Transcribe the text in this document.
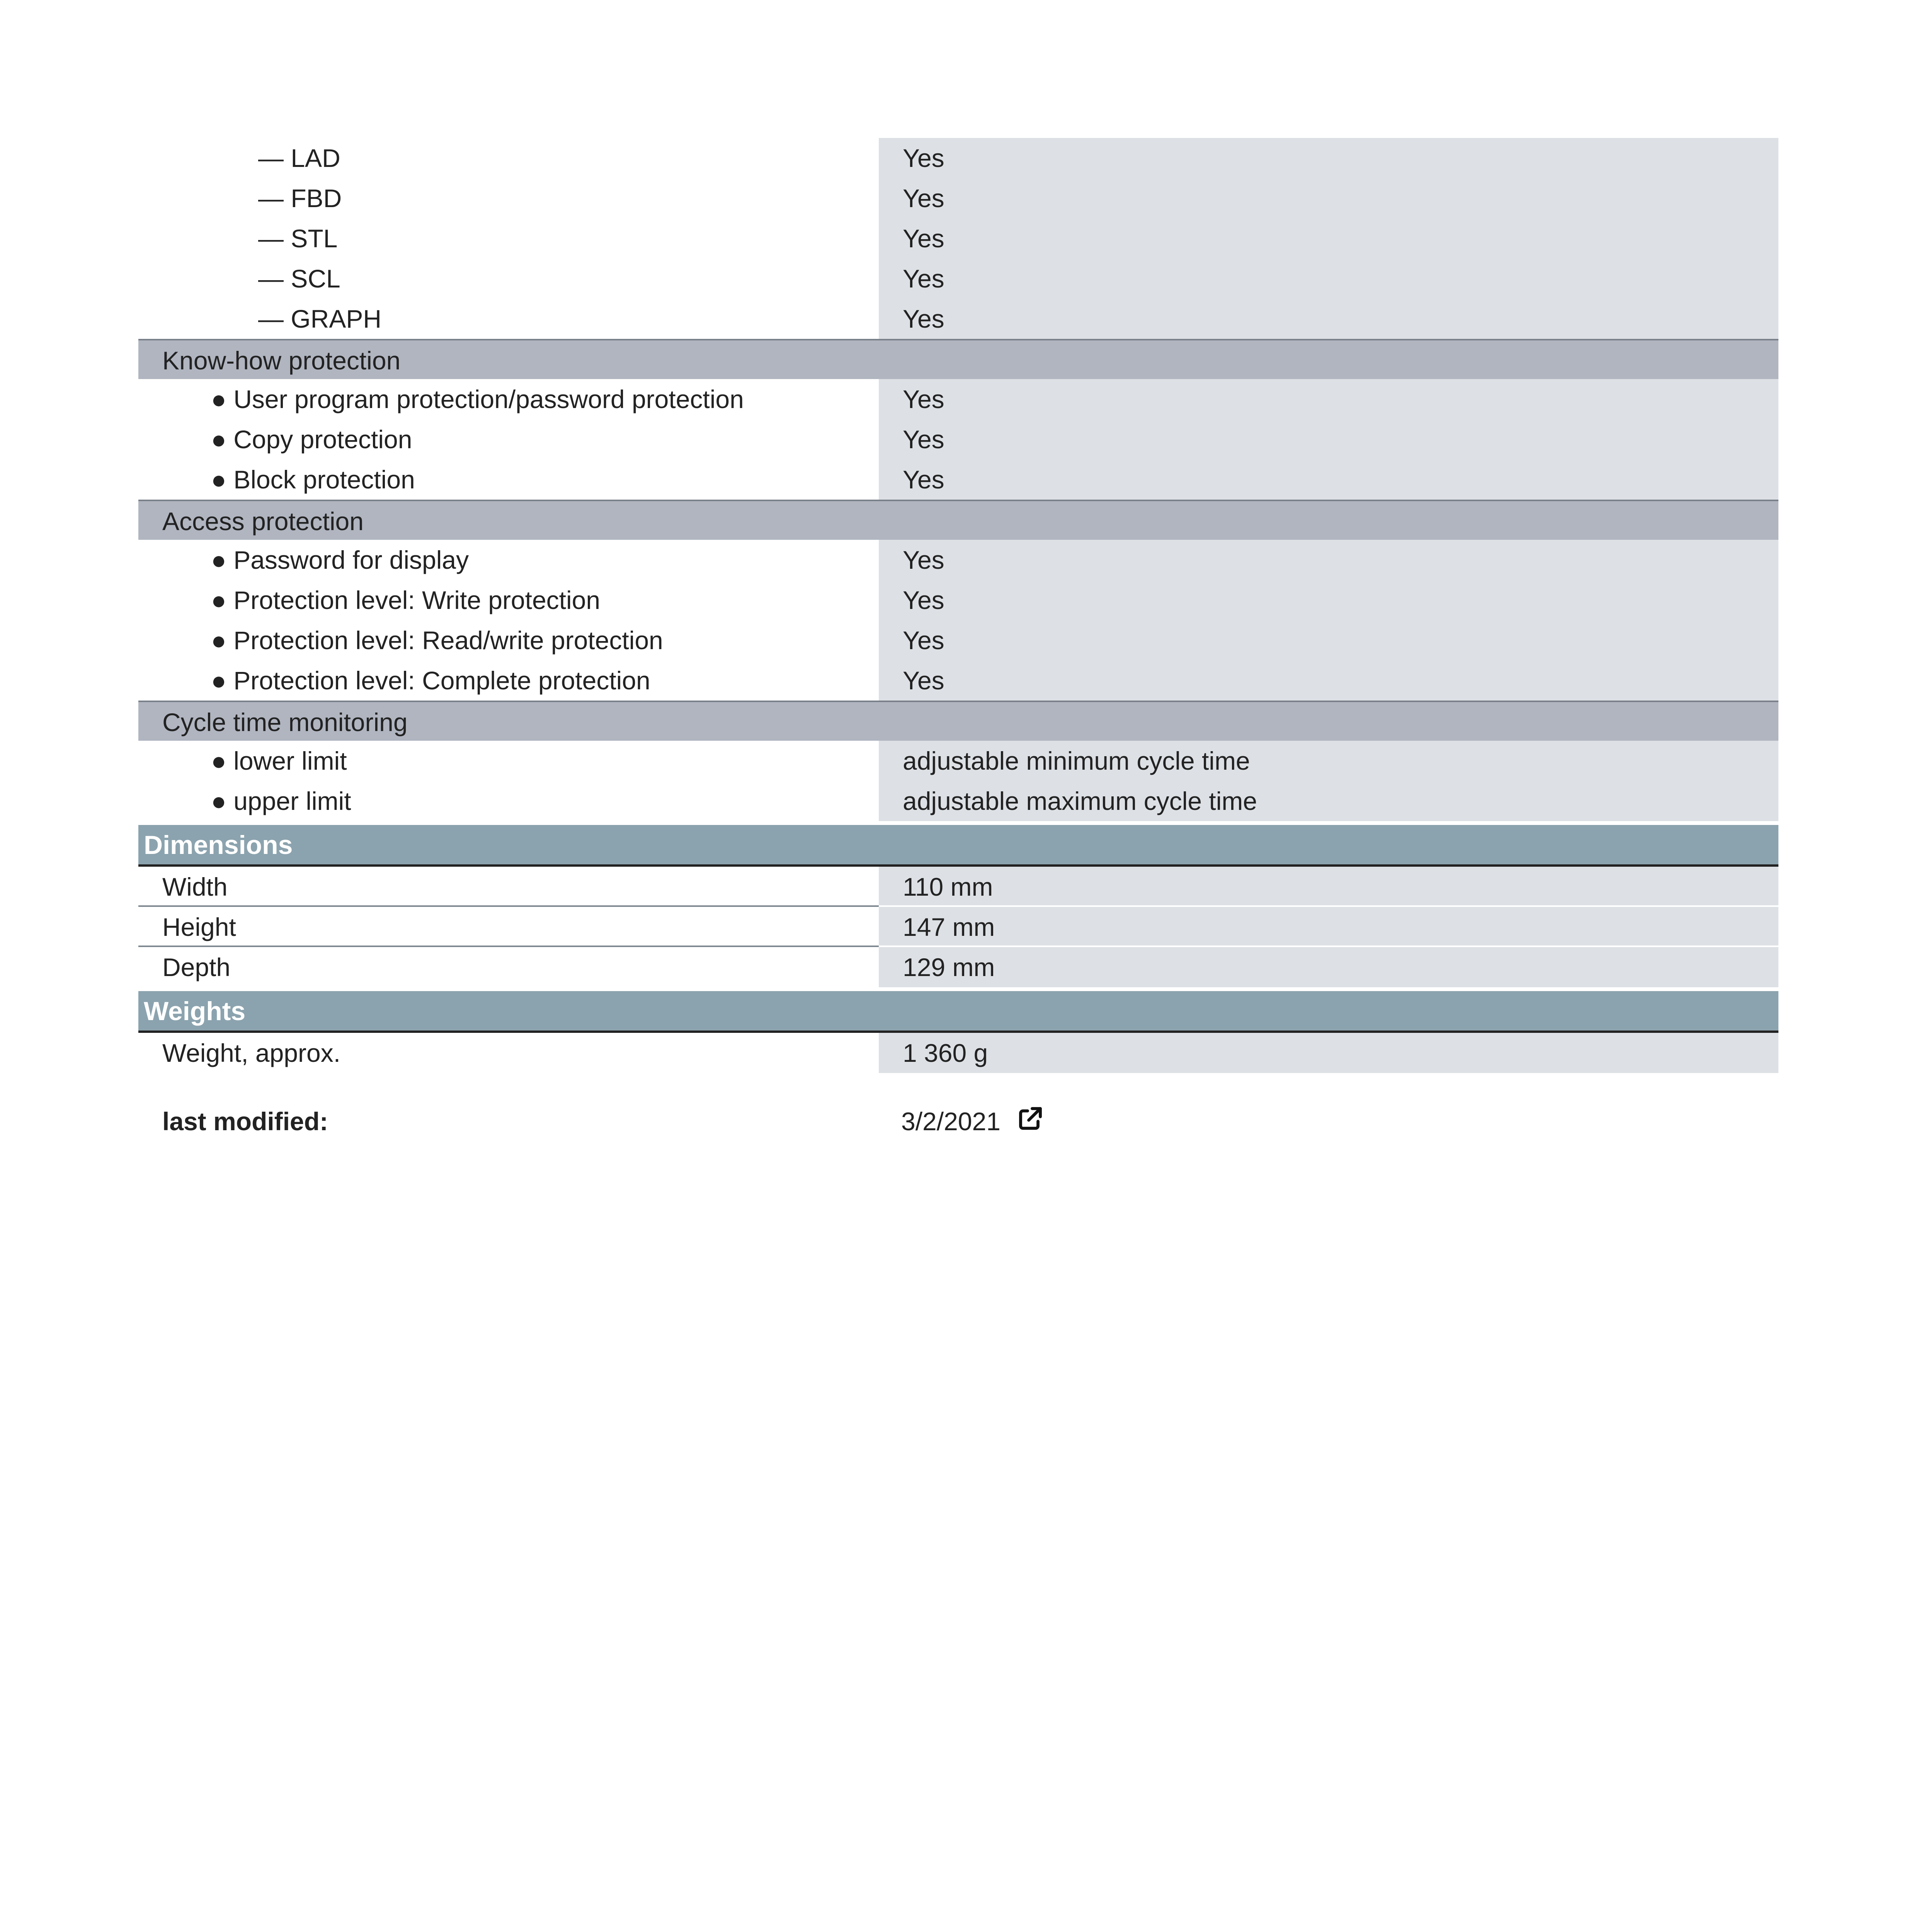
— LAD	Yes
— FBD	Yes
— STL	Yes
— SCL	Yes
— GRAPH	Yes
Know-how protection
● User program protection/password protection	Yes
● Copy protection	Yes
● Block protection	Yes
Access protection
● Password for display	Yes
● Protection level: Write protection	Yes
● Protection level: Read/write protection	Yes
● Protection level: Complete protection	Yes
Cycle time monitoring
● lower limit	adjustable minimum cycle time
● upper limit	adjustable maximum cycle time
Dimensions
Width	110 mm
Height	147 mm
Depth	129 mm
Weights
Weight, approx.	1 360 g
last modified:	3/2/2021
